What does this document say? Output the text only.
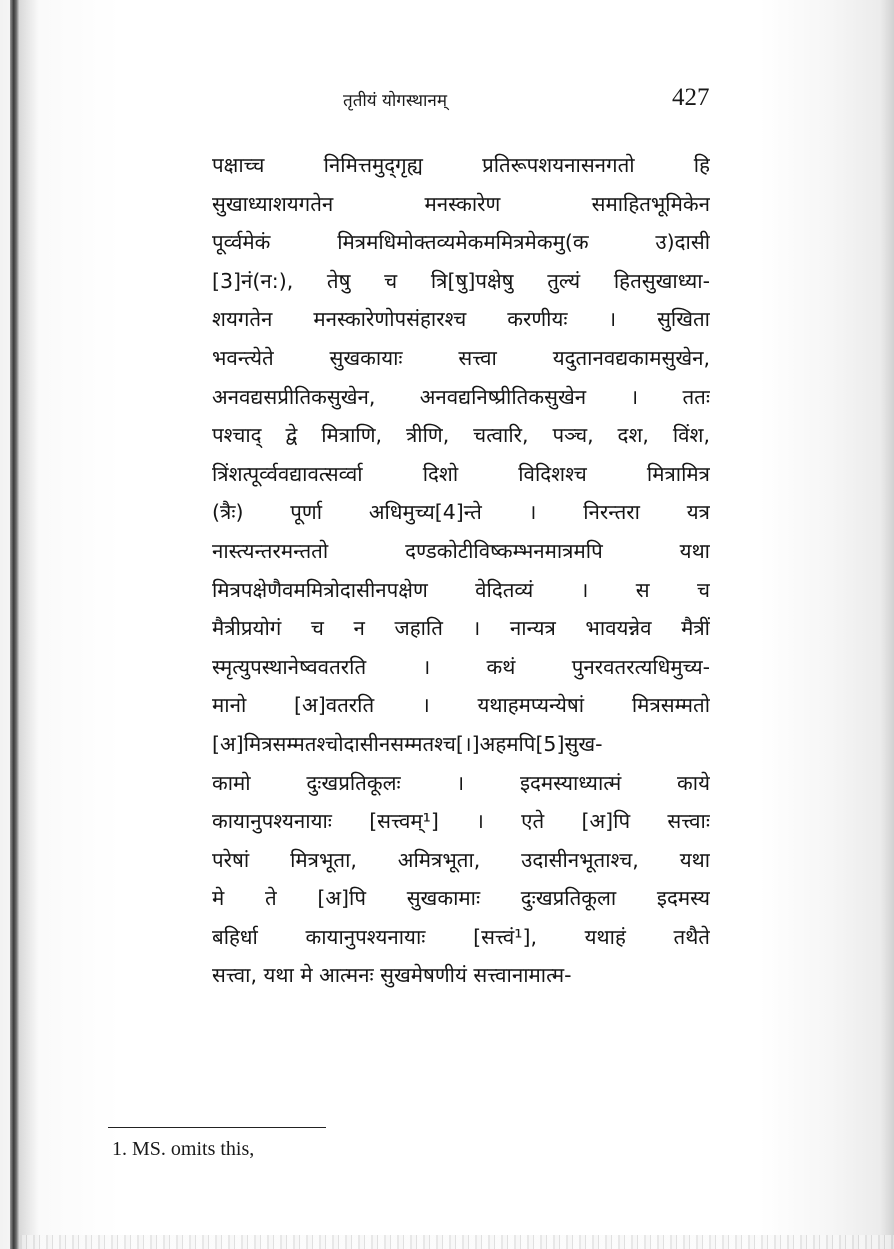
तृतीयं योगस्थानम्	427
पक्षाच्च निमित्तमुद्‌गृह्य प्रतिरूपशयनासनगतो हि
सुखाध्याशयगतेन मनस्कारेण समाहितभूमिकेन
पूर्व्वमेकं मित्रमधिमोक्तव्यमेकममित्रमेकमु(क उ)दासी
[3]नं(न:), तेषु च त्रि[षु]पक्षेषु तुल्यं हितसुखाध्या-
शयगतेन मनस्कारेणोपसंहारश्च करणीयः । सुखिता
भवन्त्येते सुखकायाः सत्त्वा यदुतानवद्यकामसुखेन,
अनवद्यसप्रीतिकसुखेन, अनवद्यनिष्प्रीतिकसुखेन । ततः
पश्चाद् द्वे मित्राणि, त्रीणि, चत्वारि, पञ्च, दश, विंश,
त्रिंशत्पूर्व्ववद्यावत्सर्व्वा दिशो विदिशश्च मित्रामित्र
(त्रैः) पूर्णा अधिमुच्य[4]न्ते । निरन्तरा यत्र
नास्त्यन्तरमन्ततो दण्डकोटीविष्कम्भनमात्रमपि यथा
मित्रपक्षेणैवममित्रोदासीनपक्षेण वेदितव्यं । स च
मैत्रीप्रयोगं च न जहाति । नान्यत्र भावयन्नेव मैत्रीं
स्मृत्युपस्थानेष्ववतरति । कथं पुनरवतरत्यधिमुच्य-
मानो [अ]वतरति । यथाहमप्यन्येषां मित्रसम्मतो
[अ]मित्रसम्मतश्चोदासीनसम्मतश्च[।]अहमपि[5]सुख-
कामो दुःखप्रतिकूलः । इदमस्याध्यात्मं काये
कायानुपश्यनायाः [सत्त्वम्¹] । एते [अ]पि सत्त्वाः
परेषां मित्रभूता, अमित्रभूता, उदासीनभूताश्च, यथा
मे ते [अ]पि सुखकामाः दुःखप्रतिकूला इदमस्य
बहिर्धा कायानुपश्यनायाः [सत्त्वं¹], यथाहं तथैते
सत्त्वा, यथा मे आत्मनः सुखमेषणीयं सत्त्वानामात्म-
1. MS. omits this,
